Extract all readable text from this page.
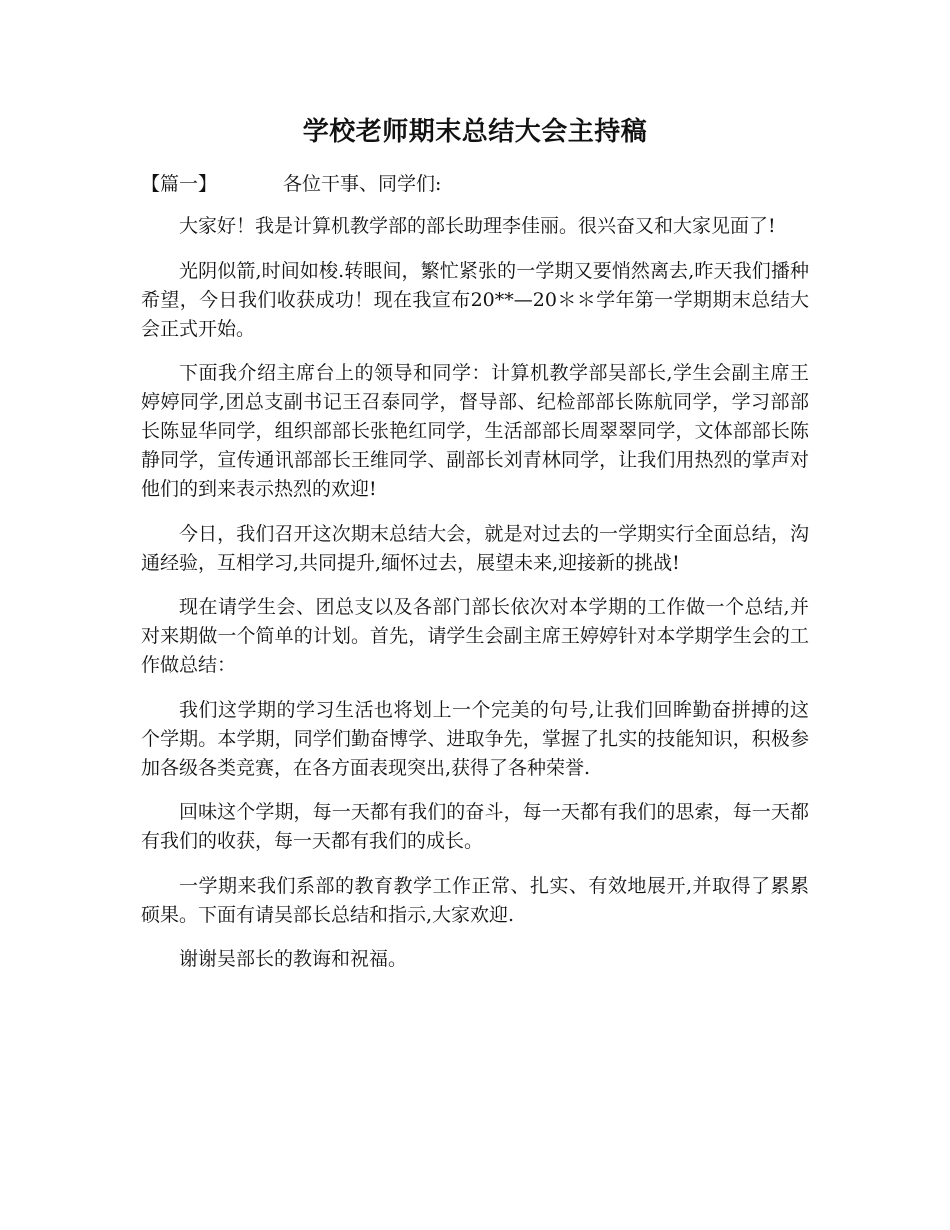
学校老师期末总结大会主持稿
【篇一】	各位干事、同学们:

大家好！我是计算机教学部的部长助理李佳丽。很兴奋又和大家见面了!

光阴似箭,时间如梭.转眼间，繁忙紧张的一学期又要悄然离去,昨天我们播种希望，今日我们收获成功！现在我宣布20**—20＊＊学年第一学期期末总结大会正式开始。

下面我介绍主席台上的领导和同学：计算机教学部吴部长,学生会副主席王婷婷同学,团总支副书记王召泰同学，督导部、纪检部部长陈航同学，学习部部长陈显华同学，组织部部长张艳红同学，生活部部长周翠翠同学，文体部部长陈静同学，宣传通讯部部长王维同学、副部长刘青林同学，让我们用热烈的掌声对他们的到来表示热烈的欢迎!

今日，我们召开这次期末总结大会，就是对过去的一学期实行全面总结，沟通经验，互相学习,共同提升,缅怀过去，展望未来,迎接新的挑战!

现在请学生会、团总支以及各部门部长依次对本学期的工作做一个总结,并对来期做一个简单的计划。首先，请学生会副主席王婷婷针对本学期学生会的工作做总结：

我们这学期的学习生活也将划上一个完美的句号,让我们回眸勤奋拼搏的这个学期。本学期，同学们勤奋博学、进取争先，掌握了扎实的技能知识，积极参加各级各类竞赛，在各方面表现突出,获得了各种荣誉.

回味这个学期，每一天都有我们的奋斗，每一天都有我们的思索，每一天都有我们的收获，每一天都有我们的成长。

一学期来我们系部的教育教学工作正常、扎实、有效地展开,并取得了累累硕果。下面有请吴部长总结和指示,大家欢迎.

谢谢吴部长的教诲和祝福。
